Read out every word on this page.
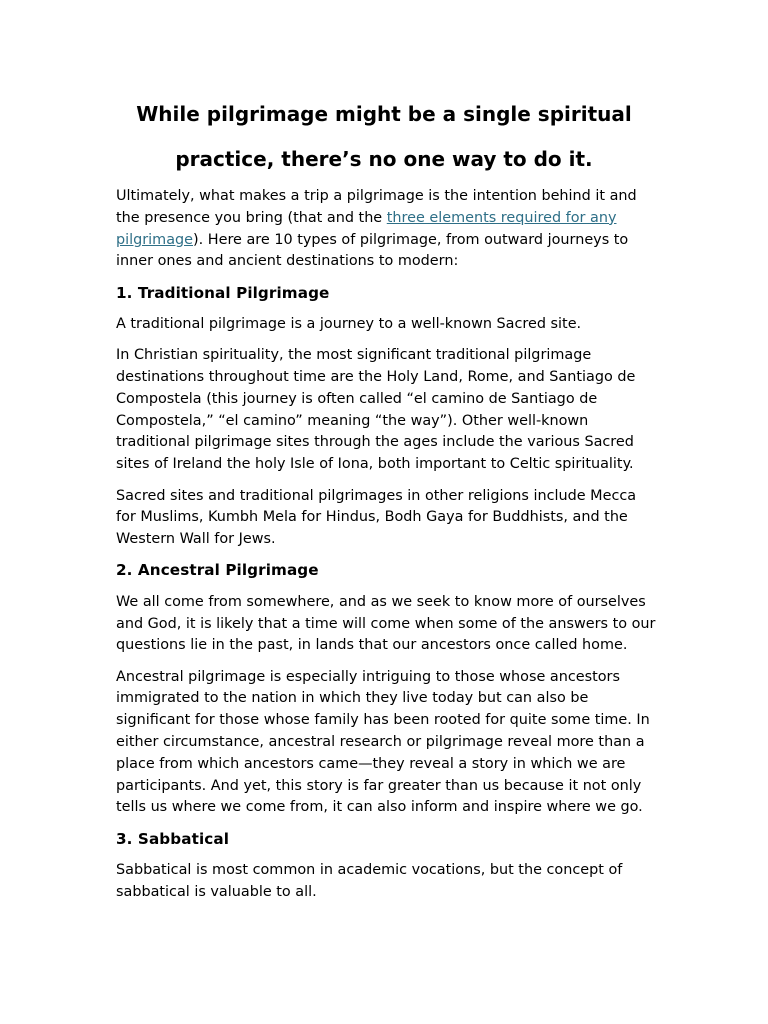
While pilgrimage might be a single spiritual practice, there’s no one way to do it.

Ultimately, what makes a trip a pilgrimage is the intention behind it and the presence you bring (that and the three elements required for any pilgrimage). Here are 10 types of pilgrimage, from outward journeys to inner ones and ancient destinations to modern:

1. Traditional Pilgrimage

A traditional pilgrimage is a journey to a well-known Sacred site.

In Christian spirituality, the most significant traditional pilgrimage destinations throughout time are the Holy Land, Rome, and Santiago de Compostela (this journey is often called “el camino de Santiago de Compostela,” “el camino” meaning “the way”). Other well-known traditional pilgrimage sites through the ages include the various Sacred sites of Ireland the holy Isle of Iona, both important to Celtic spirituality.

Sacred sites and traditional pilgrimages in other religions include Mecca for Muslims, Kumbh Mela for Hindus, Bodh Gaya for Buddhists, and the Western Wall for Jews.

2. Ancestral Pilgrimage

We all come from somewhere, and as we seek to know more of ourselves and God, it is likely that a time will come when some of the answers to our questions lie in the past, in lands that our ancestors once called home.

Ancestral pilgrimage is especially intriguing to those whose ancestors immigrated to the nation in which they live today but can also be significant for those whose family has been rooted for quite some time. In either circumstance, ancestral research or pilgrimage reveal more than a place from which ancestors came—they reveal a story in which we are participants. And yet, this story is far greater than us because it not only tells us where we come from, it can also inform and inspire where we go.

3. Sabbatical

Sabbatical is most common in academic vocations, but the concept of sabbatical is valuable to all.
